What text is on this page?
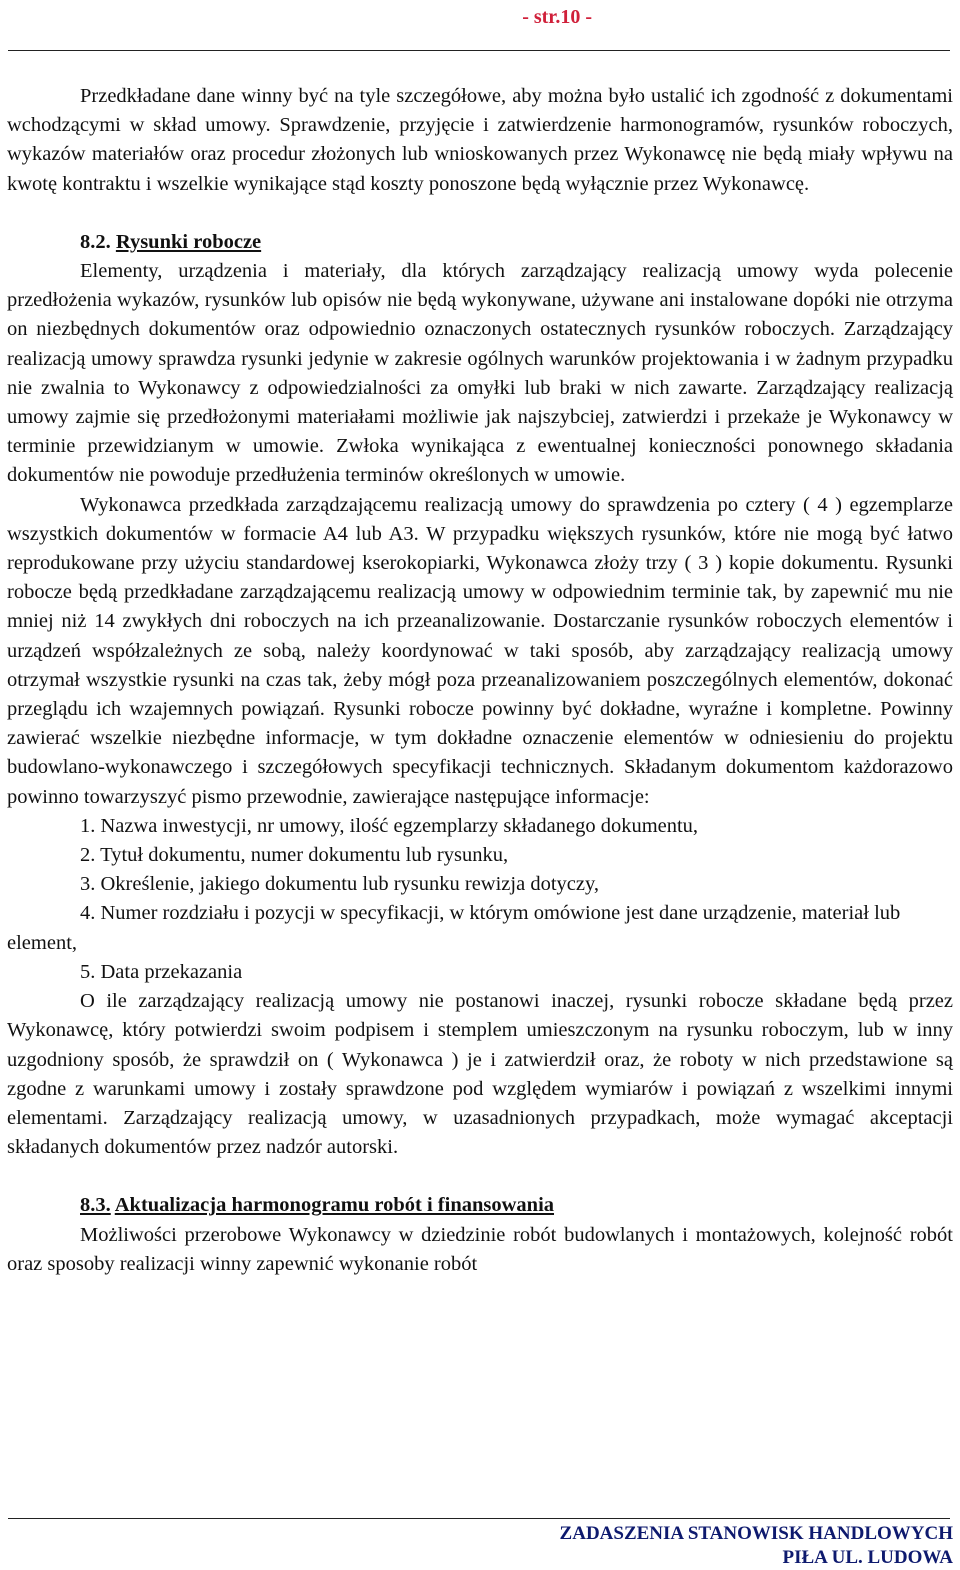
- str.10 -

Przedkładane dane winny być na tyle szczegółowe, aby można było ustalić ich zgodność z dokumentami wchodzącymi w skład umowy. Sprawdzenie, przyjęcie i zatwierdzenie harmonogramów, rysunków roboczych, wykazów materiałów oraz procedur złożonych lub wnioskowanych przez Wykonawcę nie będą miały wpływu na kwotę kontraktu i wszelkie wynikające stąd koszty ponoszone będą wyłącznie przez Wykonawcę.

8.2. Rysunki robocze

Elementy, urządzenia i materiały, dla których zarządzający realizacją umowy wyda polecenie przedłożenia wykazów, rysunków lub opisów nie będą wykonywane, używane ani instalowane dopóki nie otrzyma on niezbędnych dokumentów oraz odpowiednio oznaczonych ostatecznych rysunków roboczych. Zarządzający realizacją umowy sprawdza rysunki jedynie w zakresie ogólnych warunków projektowania i w żadnym przypadku nie zwalnia to Wykonawcy z odpowiedzialności za omyłki lub braki w nich zawarte. Zarządzający realizacją umowy zajmie się przedłożonymi materiałami możliwie jak najszybciej, zatwierdzi i przekaże je Wykonawcy w terminie przewidzianym w umowie. Zwłoka wynikająca z ewentualnej konieczności ponownego składania dokumentów nie powoduje przedłużenia terminów określonych w umowie.

Wykonawca przedkłada zarządzającemu realizacją umowy do sprawdzenia po cztery ( 4 ) egzemplarze wszystkich dokumentów w formacie A4 lub A3. W przypadku większych rysunków, które nie mogą być łatwo reprodukowane przy użyciu standardowej kserokopiarki, Wykonawca złoży trzy ( 3 ) kopie dokumentu. Rysunki robocze będą przedkładane zarządzającemu realizacją umowy w odpowiednim terminie tak, by zapewnić mu nie mniej niż 14 zwykłych dni roboczych na ich przeanalizowanie. Dostarczanie rysunków roboczych elementów i urządzeń współzależnych ze sobą, należy koordynować w taki sposób, aby zarządzający realizacją umowy otrzymał wszystkie rysunki na czas tak, żeby mógł poza przeanalizowaniem poszczególnych elementów, dokonać przeglądu ich wzajemnych powiązań. Rysunki robocze powinny być dokładne, wyraźne i kompletne. Powinny zawierać wszelkie niezbędne informacje, w tym dokładne oznaczenie elementów w odniesieniu do projektu budowlano-wykonawczego i szczegółowych specyfikacji technicznych. Składanym dokumentom każdorazowo powinno towarzyszyć pismo przewodnie, zawierające następujące informacje:

1. Nazwa inwestycji, nr umowy, ilość egzemplarzy składanego dokumentu,

2. Tytuł dokumentu, numer dokumentu lub rysunku,

3. Określenie, jakiego dokumentu lub rysunku rewizja dotyczy,

4. Numer rozdziału i pozycji w specyfikacji, w którym omówione jest dane urządzenie, materiał lub element,

5. Data przekazania

O ile zarządzający realizacją umowy nie postanowi inaczej, rysunki robocze składane będą przez Wykonawcę, który potwierdzi swoim podpisem i stemplem umieszczonym na rysunku roboczym, lub w inny uzgodniony sposób, że sprawdził on ( Wykonawca ) je i zatwierdził oraz, że roboty w nich przedstawione są zgodne z warunkami umowy i zostały sprawdzone pod względem wymiarów i powiązań z wszelkimi innymi elementami. Zarządzający realizacją umowy, w uzasadnionych przypadkach, może wymagać akceptacji składanych dokumentów przez nadzór autorski.

8.3. Aktualizacja harmonogramu robót i finansowania

Możliwości przerobowe Wykonawcy w dziedzinie robót budowlanych i montażowych, kolejność robót oraz sposoby realizacji winny zapewnić wykonanie robót

ZADASZENIA STANOWISK HANDLOWYCH
PIŁA UL. LUDOWA
